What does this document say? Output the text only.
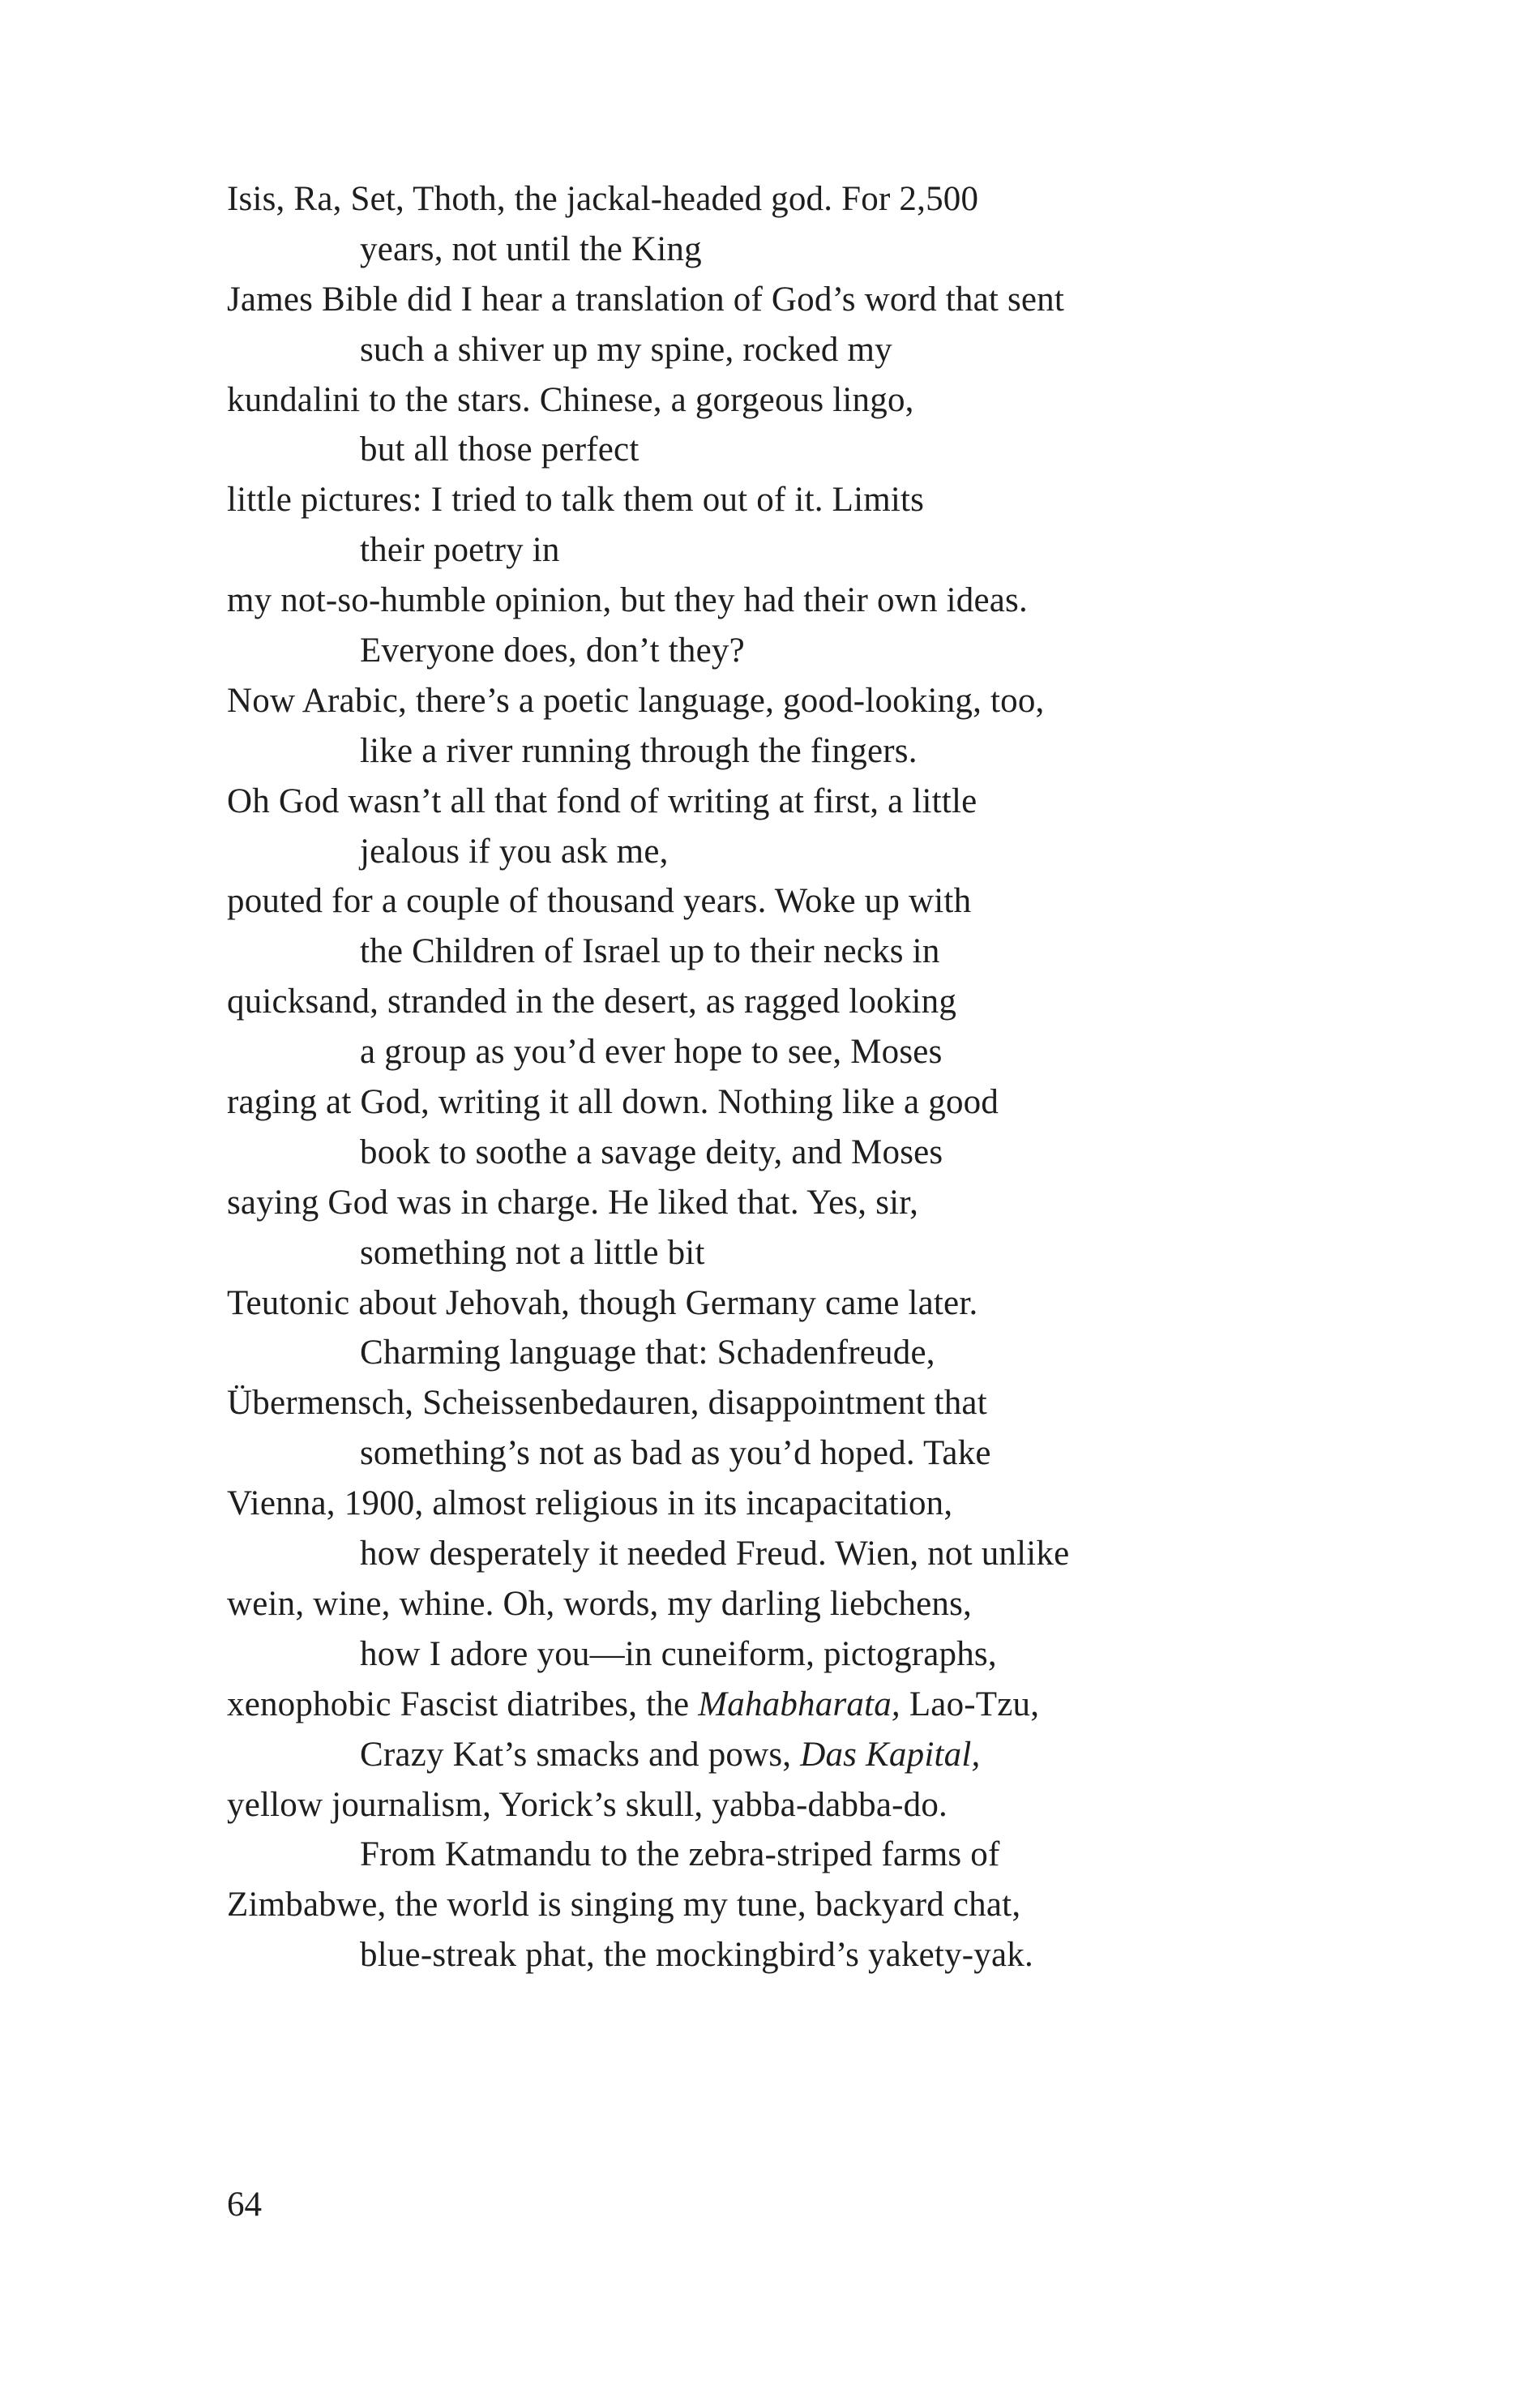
Isis, Ra, Set, Thoth, the jackal-headed god. For 2,500
years, not until the King
James Bible did I hear a translation of God’s word that sent
such a shiver up my spine, rocked my
kundalini to the stars. Chinese, a gorgeous lingo,
but all those perfect
little pictures: I tried to talk them out of it. Limits
their poetry in
my not-so-humble opinion, but they had their own ideas.
Everyone does, don’t they?
Now Arabic, there’s a poetic language, good-looking, too,
like a river running through the fingers.
Oh God wasn’t all that fond of writing at first, a little
jealous if you ask me,
pouted for a couple of thousand years. Woke up with
the Children of Israel up to their necks in
quicksand, stranded in the desert, as ragged looking
a group as you’d ever hope to see, Moses
raging at God, writing it all down. Nothing like a good
book to soothe a savage deity, and Moses
saying God was in charge. He liked that. Yes, sir,
something not a little bit
Teutonic about Jehovah, though Germany came later.
Charming language that: Schadenfreude,
Übermensch, Scheissenbedauren, disappointment that
something’s not as bad as you’d hoped. Take
Vienna, 1900, almost religious in its incapacitation,
how desperately it needed Freud. Wien, not unlike
wein, wine, whine. Oh, words, my darling liebchens,
how I adore you—in cuneiform, pictographs,
xenophobic Fascist diatribes, the Mahabharata, Lao-Tzu,
Crazy Kat’s smacks and pows, Das Kapital,
yellow journalism, Yorick’s skull, yabba-dabba-do.
From Katmandu to the zebra-striped farms of
Zimbabwe, the world is singing my tune, backyard chat,
blue-streak phat, the mockingbird’s yakety-yak.
64
